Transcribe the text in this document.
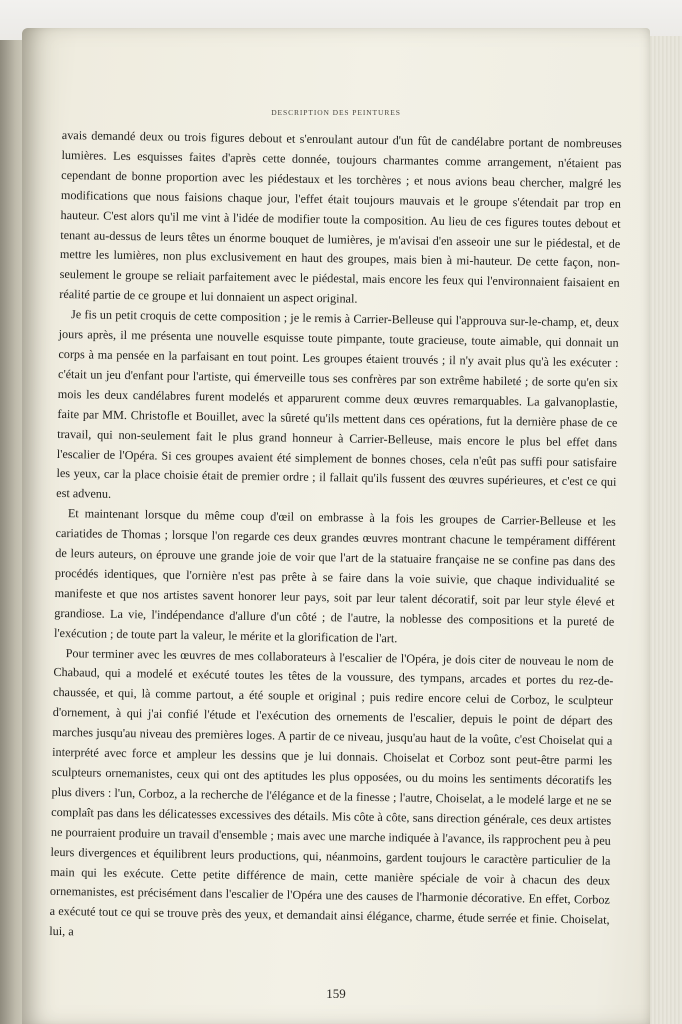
DESCRIPTION DES PEINTURES

avais demandé deux ou trois figures debout et s'enroulant autour d'un fût de candélabre portant de nombreuses lumières. Les esquisses faites d'après cette donnée, toujours charmantes comme arrangement, n'étaient pas cependant de bonne proportion avec les piédestaux et les torchères ; et nous avions beau chercher, malgré les modifications que nous faisions chaque jour, l'effet était toujours mauvais et le groupe s'étendait par trop en hauteur. C'est alors qu'il me vint à l'idée de modifier toute la composition. Au lieu de ces figures toutes debout et tenant au-dessus de leurs têtes un énorme bouquet de lumières, je m'avisai d'en asseoir une sur le piédestal, et de mettre les lumières, non plus exclusivement en haut des groupes, mais bien à mi-hauteur. De cette façon, non-seulement le groupe se reliait parfaitement avec le piédestal, mais encore les feux qui l'environnaient faisaient en réalité partie de ce groupe et lui donnaient un aspect original.

Je fis un petit croquis de cette composition ; je le remis à Carrier-Belleuse qui l'approuva sur-le-champ, et, deux jours après, il me présenta une nouvelle esquisse toute pimpante, toute gracieuse, toute aimable, qui donnait un corps à ma pensée en la parfaisant en tout point. Les groupes étaient trouvés ; il n'y avait plus qu'à les exécuter : c'était un jeu d'enfant pour l'artiste, qui émerveille tous ses confrères par son extrême habileté ; de sorte qu'en six mois les deux candélabres furent modelés et apparurent comme deux œuvres remarquables. La galvanoplastie, faite par MM. Christofle et Bouillet, avec la sûreté qu'ils mettent dans ces opérations, fut la dernière phase de ce travail, qui non-seulement fait le plus grand honneur à Carrier-Belleuse, mais encore le plus bel effet dans l'escalier de l'Opéra. Si ces groupes avaient été simplement de bonnes choses, cela n'eût pas suffi pour satisfaire les yeux, car la place choisie était de premier ordre ; il fallait qu'ils fussent des œuvres supérieures, et c'est ce qui est advenu.

Et maintenant lorsque du même coup d'œil on embrasse à la fois les groupes de Carrier-Belleuse et les cariatides de Thomas ; lorsque l'on regarde ces deux grandes œuvres montrant chacune le tempérament différent de leurs auteurs, on éprouve une grande joie de voir que l'art de la statuaire française ne se confine pas dans des procédés identiques, que l'ornière n'est pas prête à se faire dans la voie suivie, que chaque individualité se manifeste et que nos artistes savent honorer leur pays, soit par leur talent décoratif, soit par leur style élevé et grandiose. La vie, l'indépendance d'allure d'un côté ; de l'autre, la noblesse des compositions et la pureté de l'exécution ; de toute part la valeur, le mérite et la glorification de l'art.

Pour terminer avec les œuvres de mes collaborateurs à l'escalier de l'Opéra, je dois citer de nouveau le nom de Chabaud, qui a modelé et exécuté toutes les têtes de la voussure, des tympans, arcades et portes du rez-de-chaussée, et qui, là comme partout, a été souple et original ; puis redire encore celui de Corboz, le sculpteur d'ornement, à qui j'ai confié l'étude et l'exécution des ornements de l'escalier, depuis le point de départ des marches jusqu'au niveau des premières loges. A partir de ce niveau, jusqu'au haut de la voûte, c'est Choiselat qui a interprété avec force et ampleur les dessins que je lui donnais. Choiselat et Corboz sont peut-être parmi les sculpteurs ornemanistes, ceux qui ont des aptitudes les plus opposées, ou du moins les sentiments décoratifs les plus divers : l'un, Corboz, a la recherche de l'élégance et de la finesse ; l'autre, Choiselat, a le modelé large et ne se complaît pas dans les délicatesses excessives des détails. Mis côte à côte, sans direction générale, ces deux artistes ne pourraient produire un travail d'ensemble ; mais avec une marche indiquée à l'avance, ils rapprochent peu à peu leurs divergences et équilibrent leurs productions, qui, néanmoins, gardent toujours le caractère particulier de la main qui les exécute. Cette petite différence de main, cette manière spéciale de voir à chacun des deux ornemanistes, est précisément dans l'escalier de l'Opéra une des causes de l'harmonie décorative. En effet, Corboz a exécuté tout ce qui se trouve près des yeux, et demandait ainsi élégance, charme, étude serrée et finie. Choiselat, lui, a

159
